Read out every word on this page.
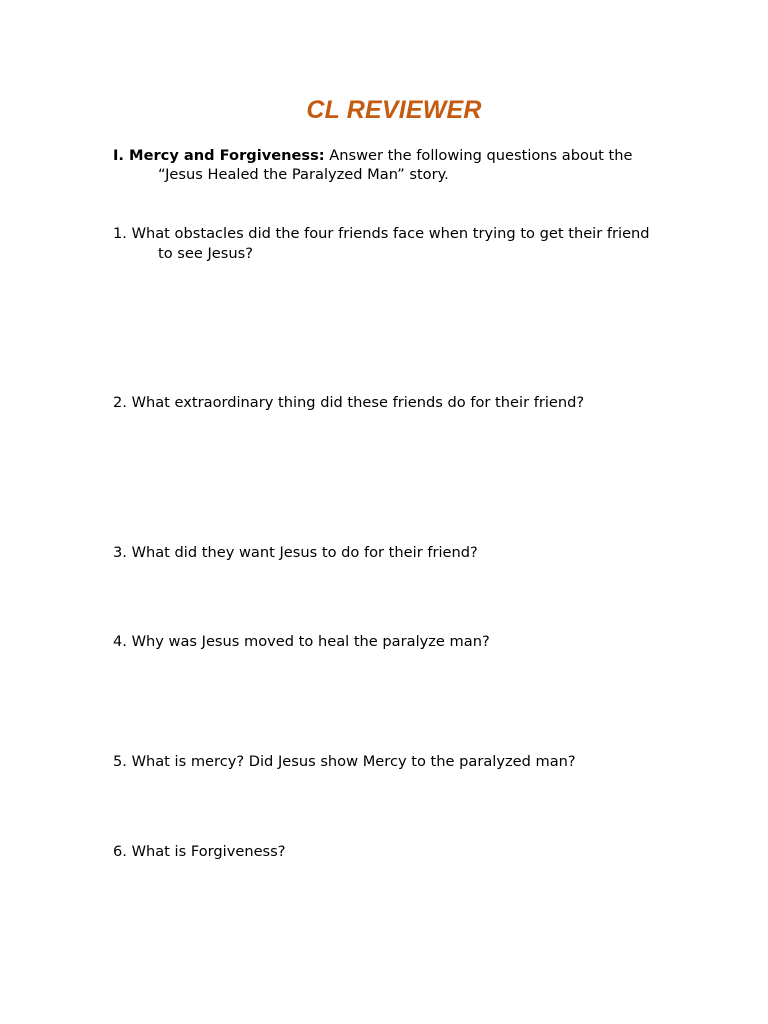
CL REVIEWER
I. Mercy and Forgiveness: Answer the following questions about the
“Jesus Healed the Paralyzed Man” story.
1. What obstacles did the four friends face when trying to get their friend
to see Jesus?
2. What extraordinary thing did these friends do for their friend?
3. What did they want Jesus to do for their friend?
4. Why was Jesus moved to heal the paralyze man?
5. What is mercy? Did Jesus show Mercy to the paralyzed man?
6. What is Forgiveness?
